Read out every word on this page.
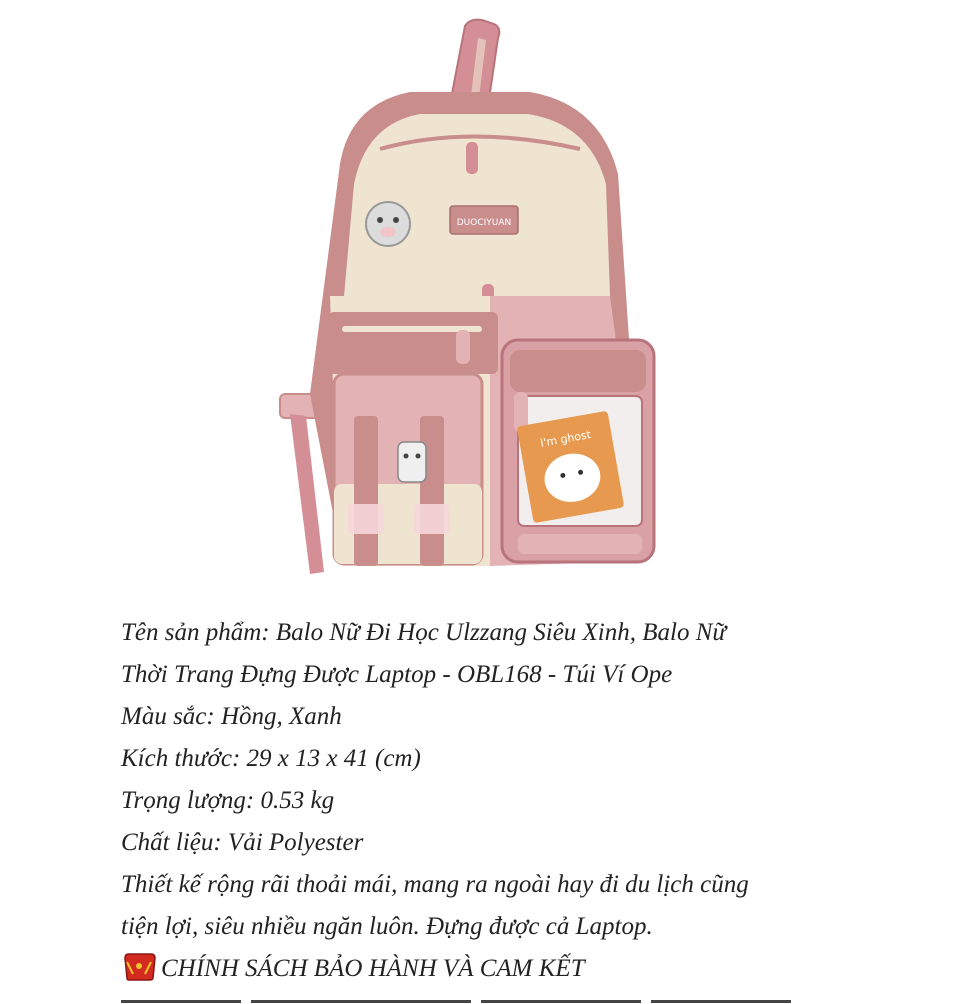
DUOCIYUAN
I'm ghost

Tên sản phẩm: Balo Nữ Đi Học Ulzzang Siêu Xinh, Balo Nữ

Thời Trang Đựng Được Laptop - OBL168 - Túi Ví Ope

Màu sắc: Hồng, Xanh

Kích thước: 29 x 13 x 41 (cm)

Trọng lượng: 0.53 kg

Chất liệu: Vải Polyester

Thiết kế rộng rãi thoải mái, mang ra ngoài hay đi du lịch cũng

tiện lợi, siêu nhiều ngăn luôn. Đựng được cả Laptop.

CHÍNH SÁCH BẢO HÀNH VÀ CAM KẾT
